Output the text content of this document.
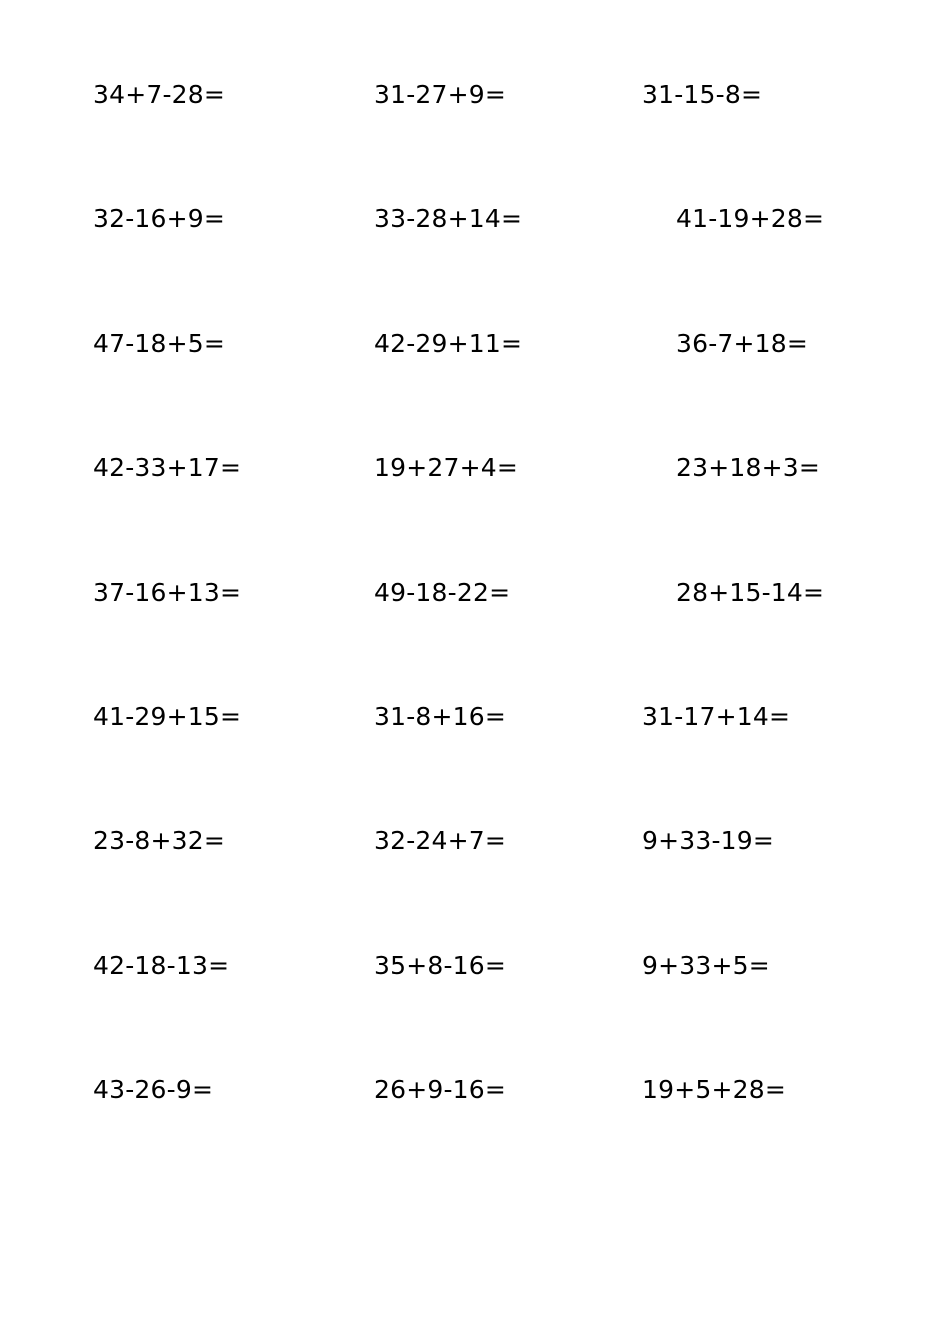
34+7-28=	31-27+9=	31-15-8=
32-16+9=	33-28+14=	41-19+28=
47-18+5=	42-29+11=	36-7+18=
42-33+17=	19+27+4=	23+18+3=
37-16+13=	49-18-22=	28+15-14=
41-29+15=	31-8+16=	31-17+14=
23-8+32=	32-24+7=	9+33-19=
42-18-13=	35+8-16=	9+33+5=
43-26-9=	26+9-16=	19+5+28=
